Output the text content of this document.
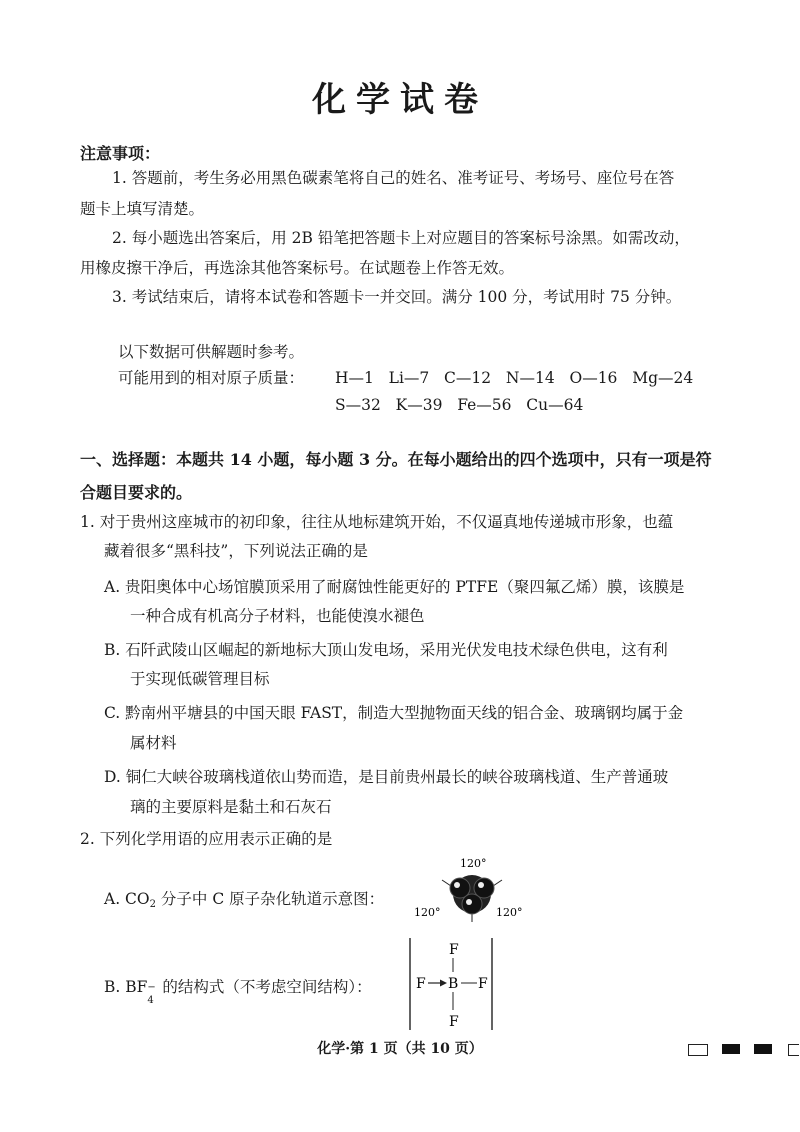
化学试卷
注意事项：
1. 答题前，考生务必用黑色碳素笔将自己的姓名、准考证号、考场号、座位号在答
题卡上填写清楚。
2. 每小题选出答案后，用 2B 铅笔把答题卡上对应题目的答案标号涂黑。如需改动，
用橡皮擦干净后，再选涂其他答案标号。在试题卷上作答无效。
3. 考试结束后，请将本试卷和答题卡一并交回。满分 100 分，考试用时 75 分钟。
以下数据可供解题时参考。
可能用到的相对原子质量： H—1   Li—7   C—12   N—14   O—16   Mg—24
S—32   K—39   Fe—56   Cu—64
一、选择题：本题共 14 小题，每小题 3 分。在每小题给出的四个选项中，只有一项是符
合题目要求的。
1. 对于贵州这座城市的初印象，往往从地标建筑开始，不仅逼真地传递城市形象，也蕴
藏着很多“黑科技”，下列说法正确的是
A. 贵阳奥体中心场馆膜顶采用了耐腐蚀性能更好的 PTFE（聚四氟乙烯）膜，该膜是
一种合成有机高分子材料，也能使溴水褪色
B. 石阡武陵山区崛起的新地标大顶山发电场，采用光伏发电技术绿色供电，这有利
于实现低碳管理目标
C. 黔南州平塘县的中国天眼 FAST，制造大型抛物面天线的铝合金、玻璃钢均属于金
属材料
D. 铜仁大峡谷玻璃栈道依山势而造，是目前贵州最长的峡谷玻璃栈道、生产普通玻
璃的主要原料是黏土和石灰石
2. 下列化学用语的应用表示正确的是
A. $CO_2$ 分子中 C 原子杂化轨道示意图：
120°
120°	120°
B. BF −
4
的结构式（不考虑空间结构）：
F
F B F
F
化学·第 1 页（共 10 页）
